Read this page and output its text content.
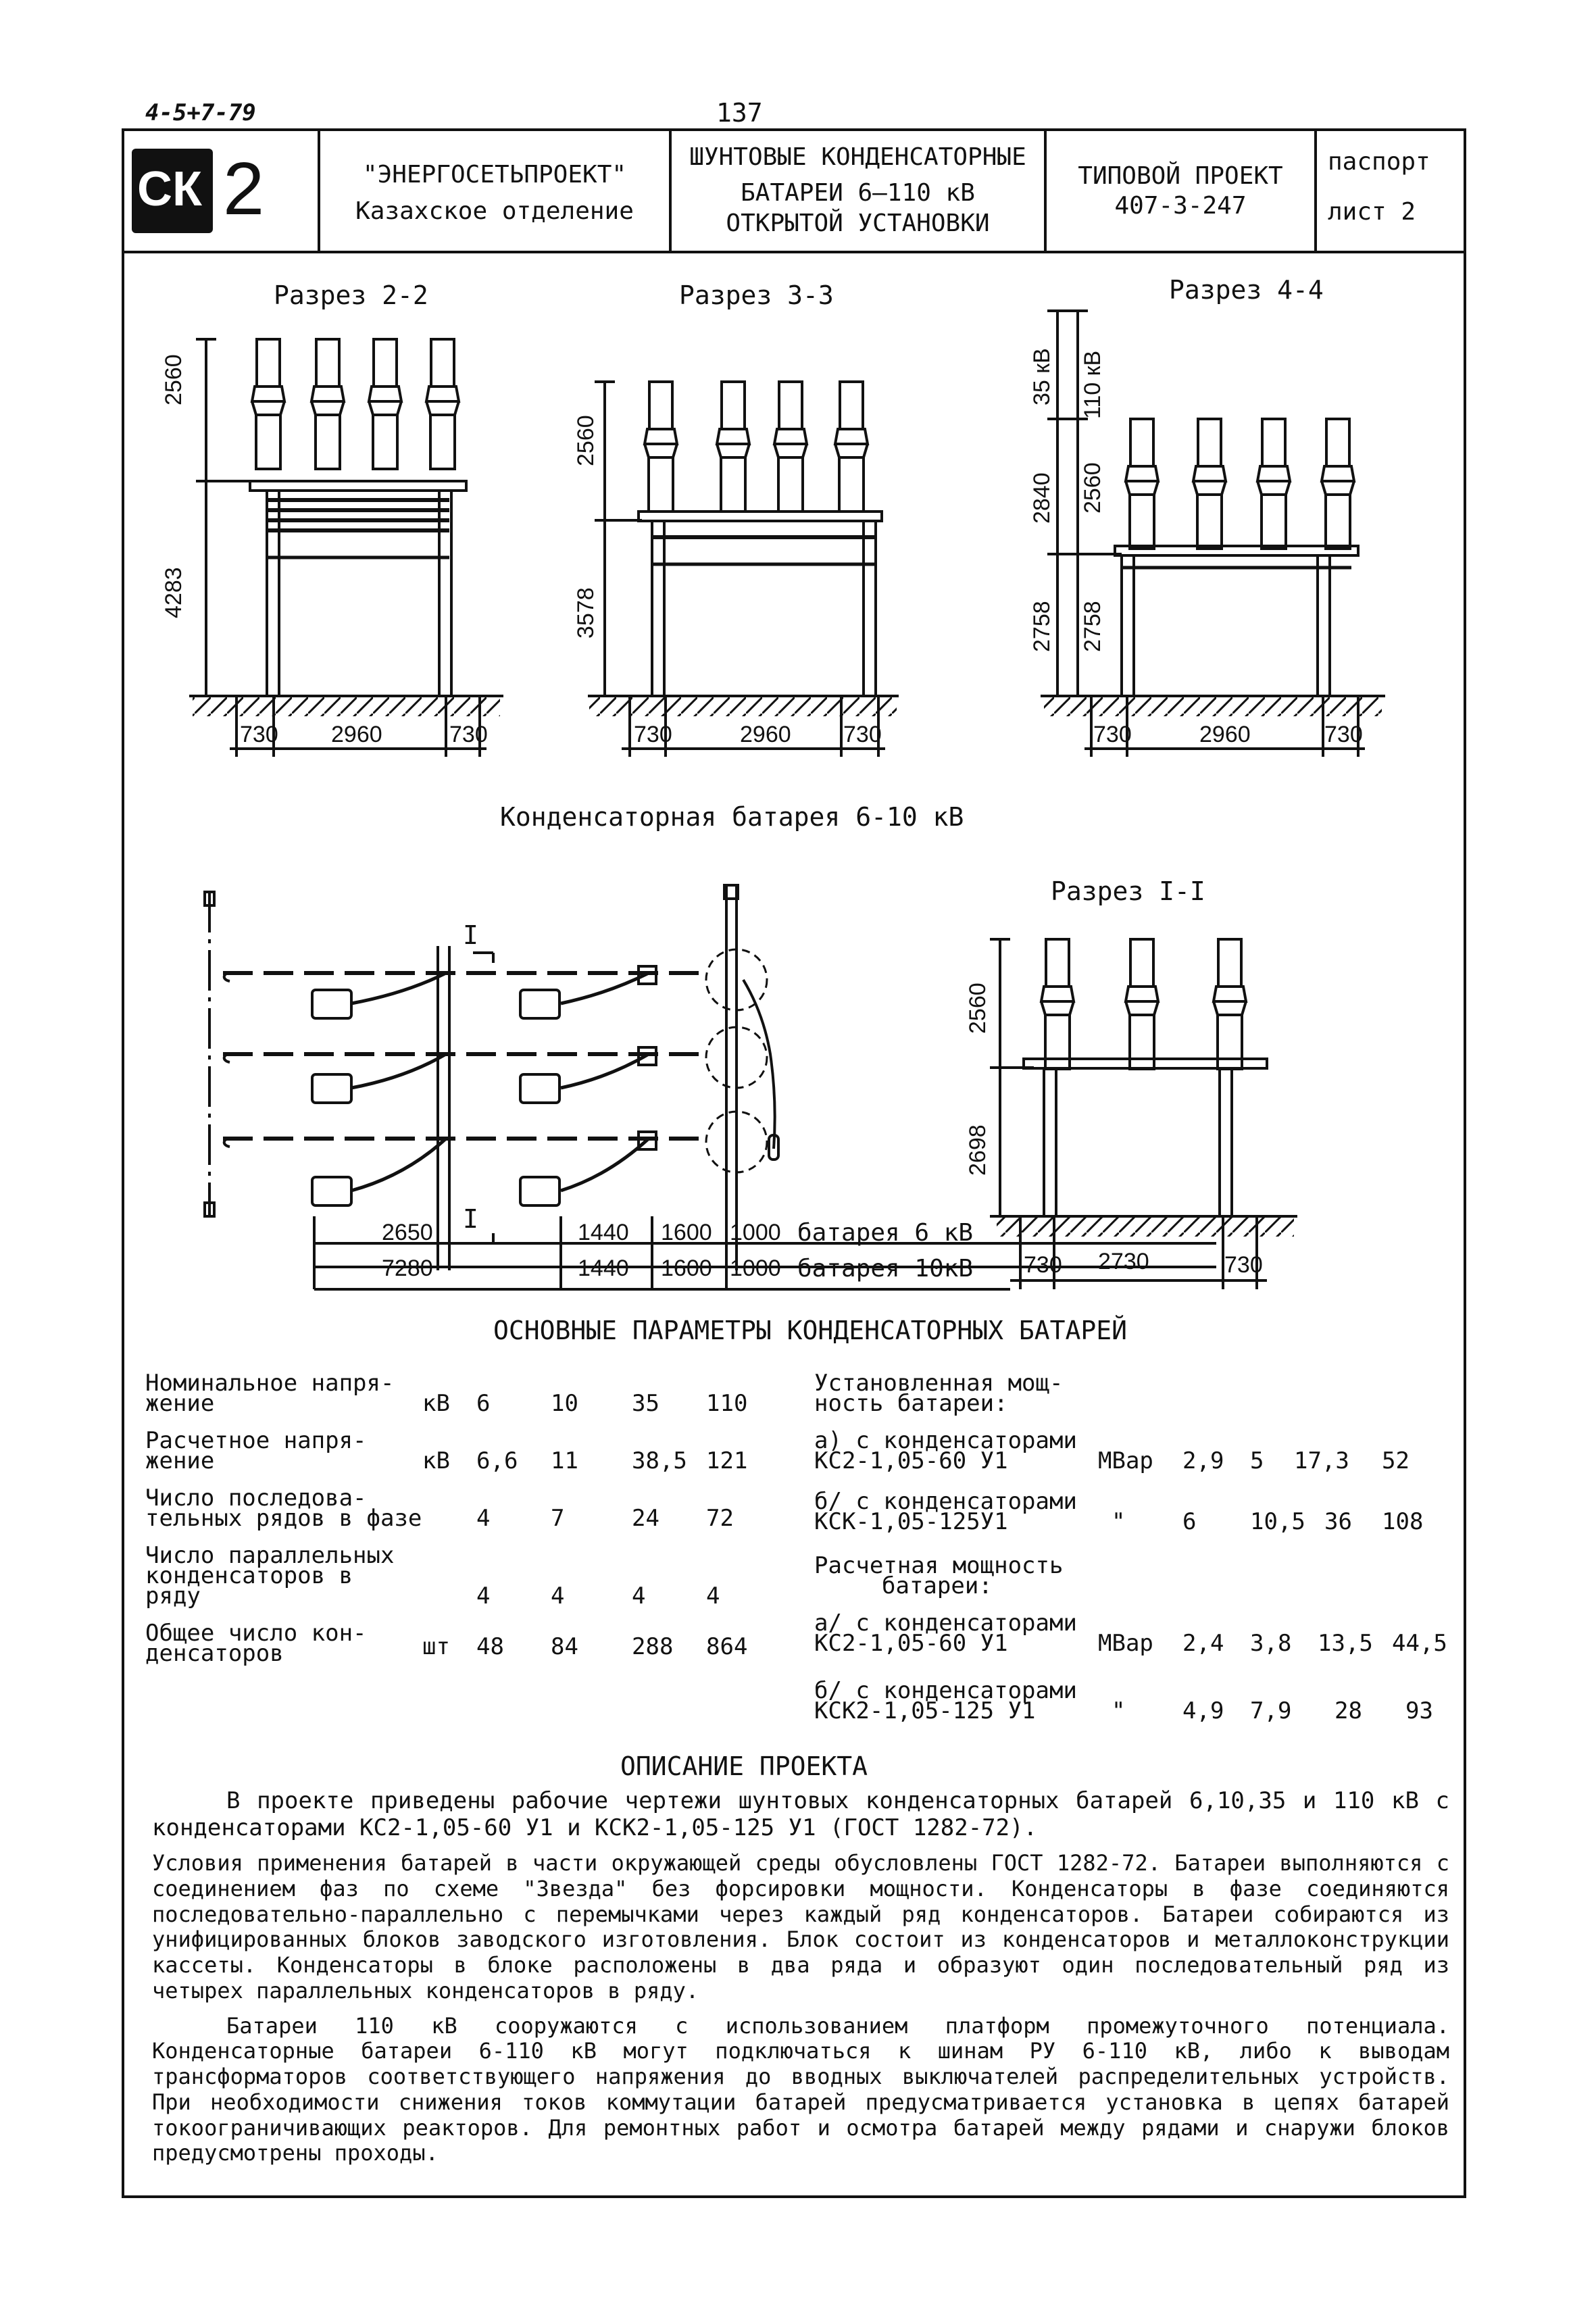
4-5+7-79	137
СК 2	"ЭНЕРГОСЕТЬПРОЕКТ"
Казахское отделение
ШУНТОВЫЕ КОНДЕНСАТОРНЫЕ
БАТАРЕИ 6–110 кВ
ОТКРЫТОЙ УСТАНОВКИ
ТИПОВОЙ ПРОЕКТ
407-3-247
паспорт
лист 2
Разрез 2-2	Разрез 3-3	Разрез 4-4
Разрез I-I
2560
4283
730 2960	730
2560
3578
730	2960 730
35 кВ 110 кВ
2840 2560
2758 2758
730	2960	730
Конденсаторная батарея 6-10 кВ
I
I
2650	1440 1600 1000 батарея 6 кВ
7280	1440 1600 1000 батарея 10кВ
2560
2698
730 2730	730
ОСНОВНЫЕ ПАРАМЕТРЫ КОНДЕНСАТОРНЫХ БАТАРЕЙ
Номинальное напря-
жение	кВ 6	10 35 110
Расчетное напря-
жение	кВ 6,6 11 38,5 121
Число последова-
тельных рядов в фазе 4	7	24 72
Число параллельных
конденсаторов в
ряду	4	4	4	4
Общее число кон-
денсаторов	шт 48 84 288 864
Установленная мощ-
ность батареи:
а) с конденсаторами
КС2-1,05-60 У1	МВар 2,9 5 17,3 52
б/ с конденсаторами
КСК-1,05-125У1	" 6 10,5 36 108
Расчетная мощность
батареи:
а/ с конденсаторами
КС2-1,05-60 У1	МВар 2,4 3,8 13,5 44,5
б/ с конденсаторами
КСК2-1,05-125 У1	" 4,9 7,9 28 93
ОПИСАНИЕ ПРОЕКТА

В проекте приведены рабочие чертежи шунтовых конденсаторных батарей 6,10,35 и 110 кВ с конденсаторами КС2-1,05-60 У1 и КСК2-1,05-125 У1 (ГОСТ 1282-72).

Условия применения батарей в части окружающей среды обусловлены ГОСТ 1282-72. Батареи выполняются с соединением фаз по схеме "Звезда" без форсировки мощности. Конденсаторы в фазе соединяются последовательно-параллельно с перемычками через каждый ряд конденсаторов. Батареи собираются из унифицированных блоков заводского изготовления. Блок состоит из конденсаторов и металлоконструкции кассеты. Конденсаторы в блоке расположены в два ряда и образуют один последовательный ряд из четырех параллельных конденсаторов в ряду.

Батареи 110 кВ сооружаются с использованием платформ промежуточного потенциала. Конденсаторные батареи 6-110 кВ могут подключаться к шинам РУ 6-110 кВ, либо к выводам трансформаторов соответствующего напряжения до вводных выключателей распределительных устройств. При необходимости снижения токов коммутации батарей предусматривается установка в цепях батарей токоограничивающих реакторов. Для ремонтных работ и осмотра батарей между рядами и снаружи блоков предусмотрены проходы.
